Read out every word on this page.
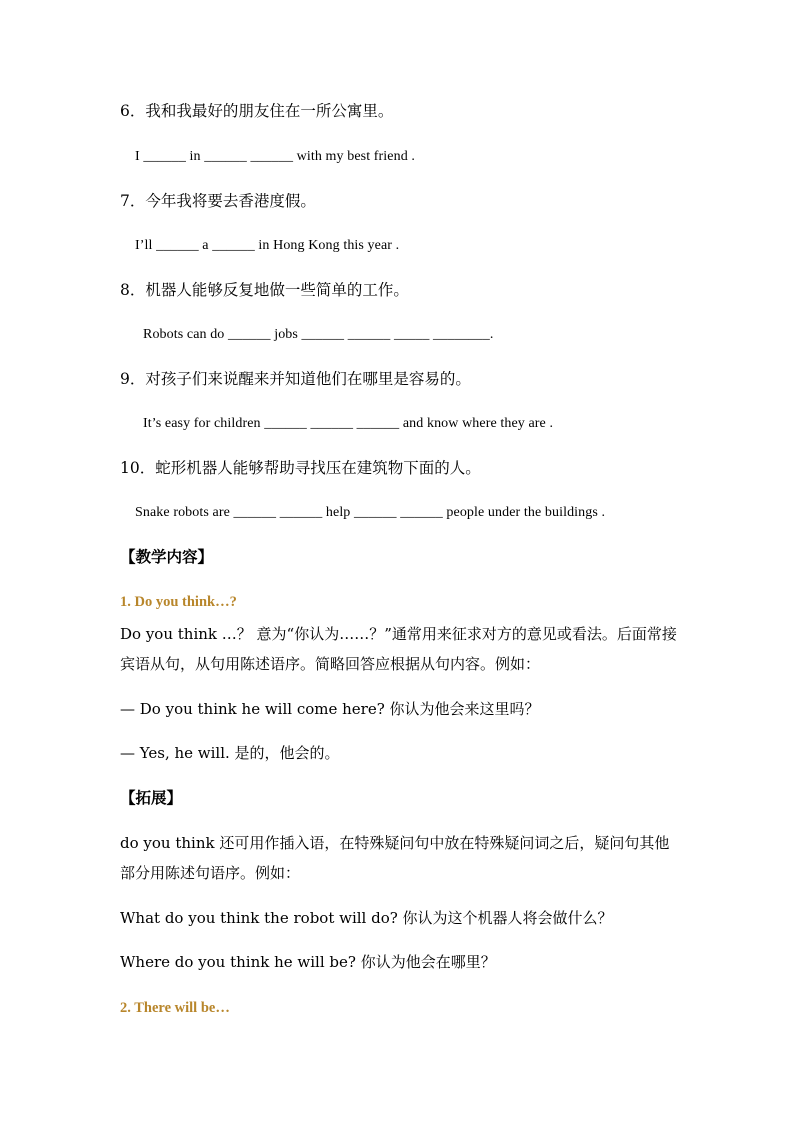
6．我和我最好的朋友住在一所公寓里。
I ______ in ______ ______ with my best friend .
7．今年我将要去香港度假。
I’ll ______ a ______ in Hong Kong this year .
8．机器人能够反复地做一些简单的工作。
Robots can do ______ jobs ______ ______ _____ ________.
9．对孩子们来说醒来并知道他们在哪里是容易的。
It’s easy for children ______ ______ ______ and know where they are .
10．蛇形机器人能够帮助寻找压在建筑物下面的人。
Snake robots are ______ ______ help ______ ______ people under the buildings .
【教学内容】
1. Do you think…?
Do you think …？ 意为“你认为……？”通常用来征求对方的意见或看法。后面常接宾语从句，从句用陈述语序。简略回答应根据从句内容。例如：
— Do you think he will come here? 你认为他会来这里吗？
— Yes, he will. 是的，他会的。
【拓展】
do you think 还可用作插入语，在特殊疑问句中放在特殊疑问词之后，疑问句其他部分用陈述句语序。例如：
What do you think the robot will do? 你认为这个机器人将会做什么？
Where do you think he will be? 你认为他会在哪里？
2. There will be…
